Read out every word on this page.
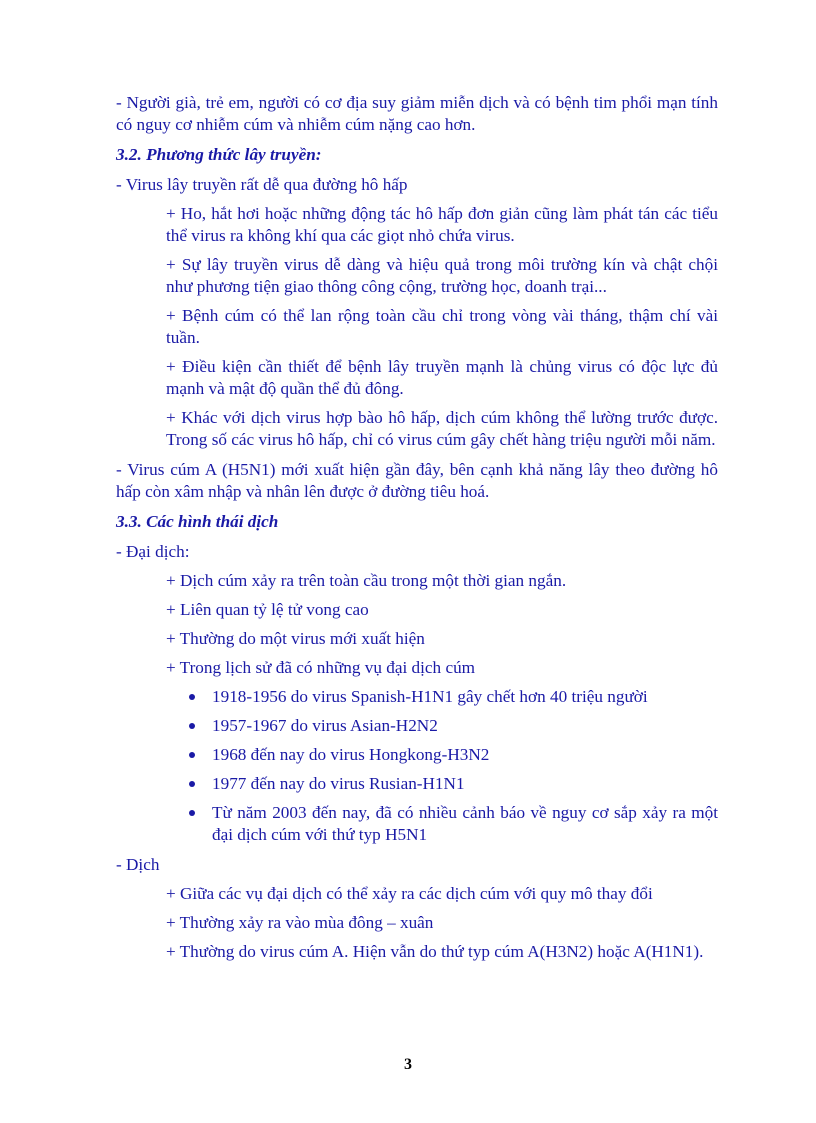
- Người già, trẻ em, người có cơ địa suy giảm miễn dịch và có bệnh tim phổi mạn tính có nguy cơ nhiễm cúm và nhiễm cúm nặng cao hơn.

3.2. Phương thức lây truyền:

- Virus lây truyền rất dễ qua đường hô hấp

+ Ho, hắt hơi hoặc những động tác hô hấp đơn giản cũng làm phát tán các tiểu thể virus ra không khí qua các giọt nhỏ chứa virus.

+ Sự lây truyền virus dễ dàng và hiệu quả trong môi trường kín và chật chội như phương tiện giao thông công cộng, trường học, doanh trại...

+ Bệnh cúm có thể lan rộng toàn cầu chỉ trong vòng vài tháng, thậm chí vài tuần.

+ Điều kiện cần thiết để bệnh lây truyền mạnh là chủng virus có độc lực đủ mạnh và mật độ quần thể đủ đông.

+ Khác với dịch virus hợp bào hô hấp, dịch cúm không thể lường trước được. Trong số các virus hô hấp, chỉ có virus cúm gây chết hàng triệu người mỗi năm.

- Virus cúm A (H5N1) mới xuất hiện gần đây, bên cạnh khả năng lây theo đường hô hấp còn xâm nhập và nhân lên được ở đường tiêu hoá.

3.3. Các hình thái dịch

- Đại dịch:

+ Dịch cúm xảy ra trên toàn cầu trong một thời gian ngắn.

+ Liên quan tỷ lệ tử vong cao

+ Thường do một virus mới xuất hiện

+ Trong lịch sử đã có những vụ đại dịch cúm

1918-1956 do virus Spanish-H1N1 gây chết hơn 40 triệu người

1957-1967 do virus Asian-H2N2

1968 đến nay do virus Hongkong-H3N2

1977 đến nay do virus Rusian-H1N1

Từ năm 2003 đến nay, đã có nhiều cảnh báo về nguy cơ sắp xảy ra một đại dịch cúm với thứ typ H5N1

- Dịch

+ Giữa các vụ đại dịch có thể xảy ra các dịch cúm với quy mô thay đổi

+ Thường xảy ra vào mùa đông – xuân

+ Thường do virus cúm A. Hiện vẫn do thứ typ cúm A(H3N2) hoặc A(H1N1).

3
